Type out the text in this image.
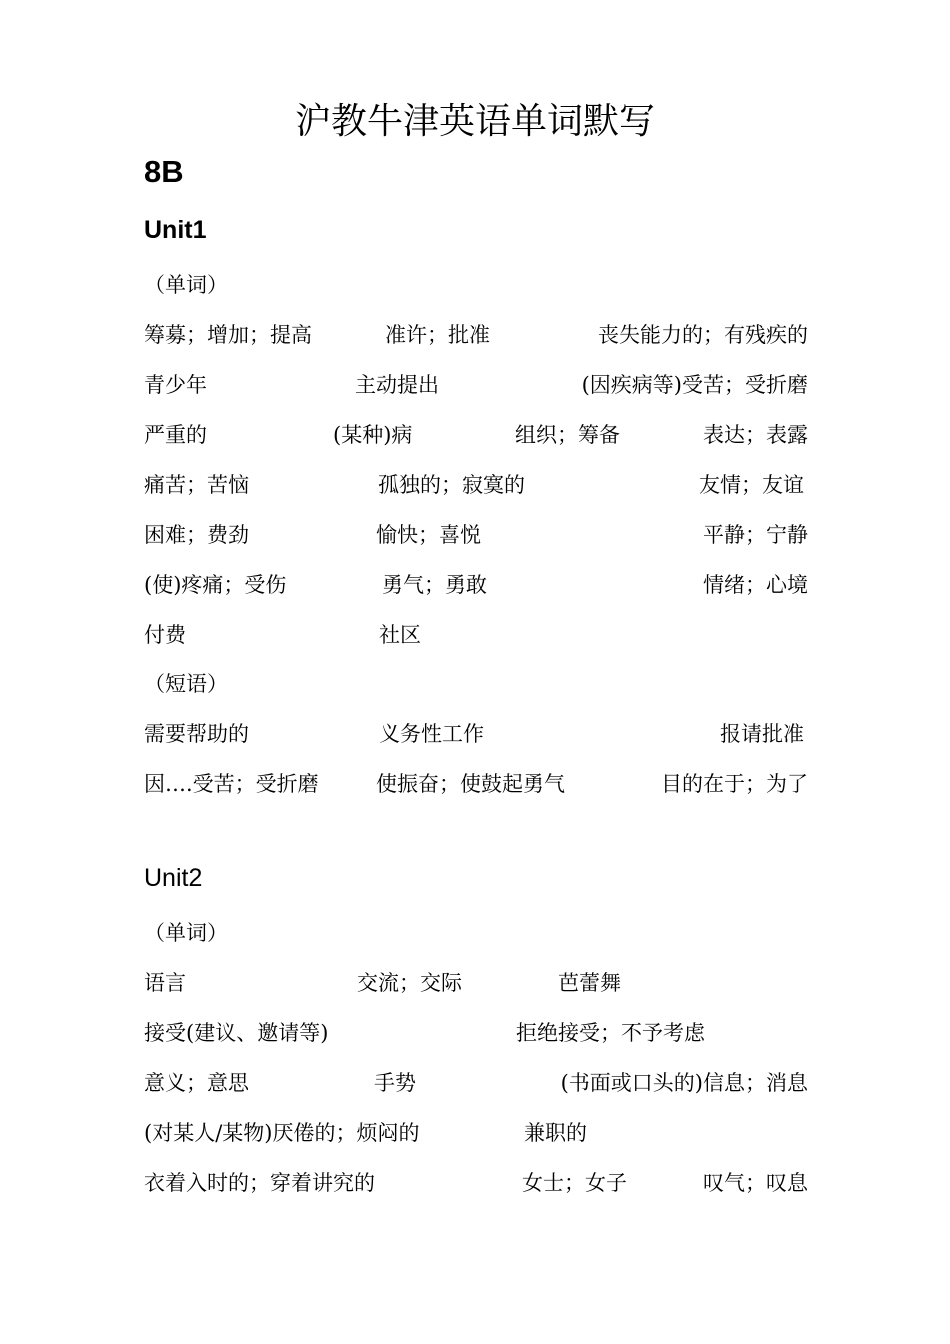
沪教牛津英语单词默写
8B
Unit1
（单词）
筹募；增加；提高	准许；批准	丧失能力的；有残疾的
青少年	主动提出	(因疾病等)受苦；受折磨
严重的	(某种)病	组织；筹备	表达；表露
痛苦；苦恼	孤独的；寂寞的	友情；友谊
困难；费劲	愉快；喜悦	平静；宁静
(使)疼痛；受伤	勇气；勇敢	情绪；心境
付费	社区
（短语）
需要帮助的	义务性工作	报请批准
因….受苦；受折磨	使振奋；使鼓起勇气	目的在于；为了
Unit2
（单词）
语言	交流；交际	芭蕾舞
接受(建议、邀请等)	拒绝接受；不予考虑
意义；意思	手势	(书面或口头的)信息；消息
(对某人/某物)厌倦的；烦闷的	兼职的
衣着入时的；穿着讲究的	女士；女子	叹气；叹息
